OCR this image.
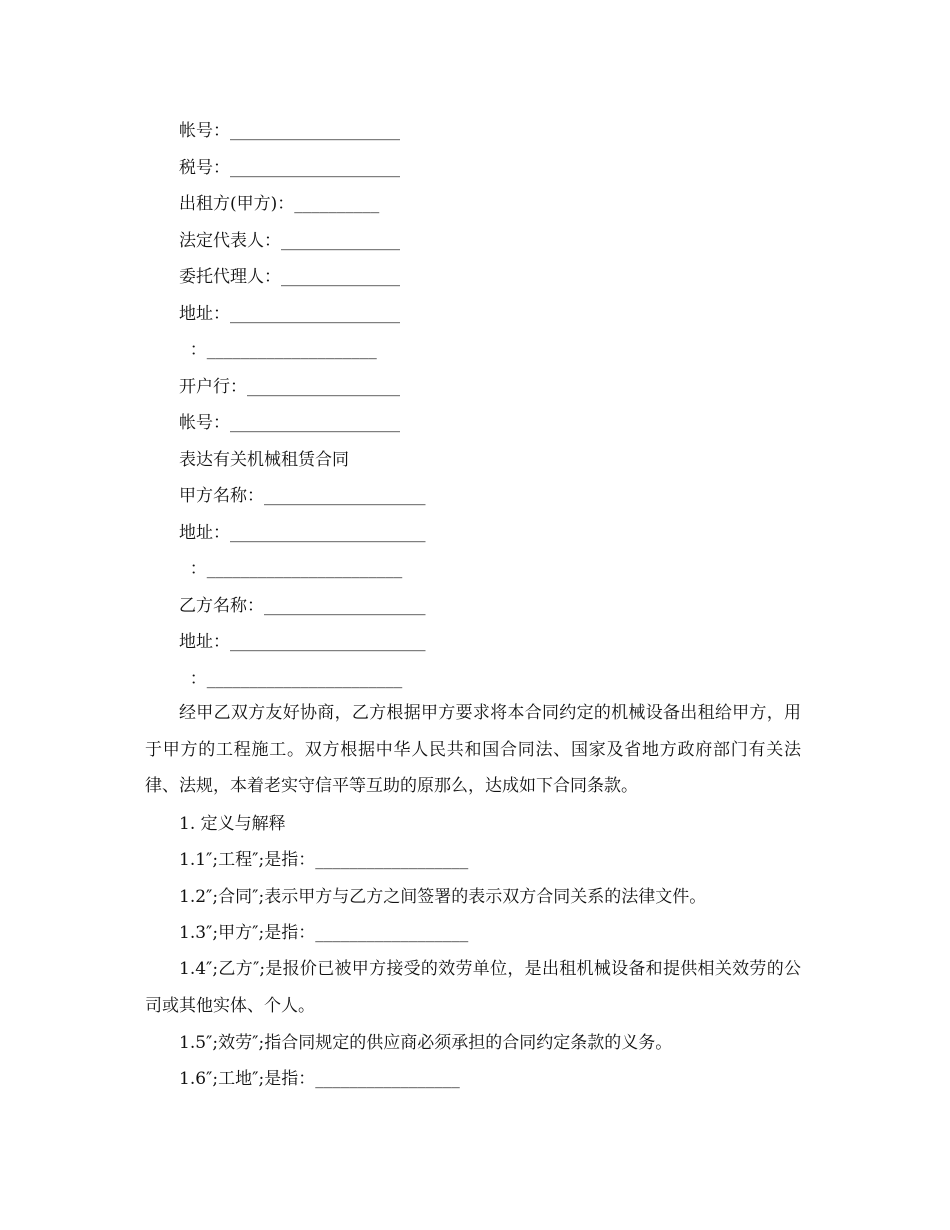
帐号：____________________
税号：____________________
出租方(甲方)：__________
法定代表人：______________
委托代理人：______________
地址：____________________
：____________________
开户行：__________________
帐号：____________________
表达有关机械租赁合同
甲方名称：___________________
地址：_______________________
：_______________________
乙方名称：___________________
地址：_______________________
：_______________________
经甲乙双方友好协商，乙方根据甲方要求将本合同约定的机械设备出租给甲方，用于甲方的工程施工。双方根据中华人民共和国合同法、国家及省地方政府部门有关法律、法规，本着老实守信平等互助的原那么，达成如下合同条款。
1. 定义与解释
1.1″;工程″;是指：__________________
1.2″;合同″;表示甲方与乙方之间签署的表示双方合同关系的法律文件。
1.3″;甲方″;是指：__________________
1.4″;乙方″;是报价已被甲方接受的效劳单位，是出租机械设备和提供相关效劳的公司或其他实体、个人。
1.5″;效劳″;指合同规定的供应商必须承担的合同约定条款的义务。
1.6″;工地″;是指：_________________
